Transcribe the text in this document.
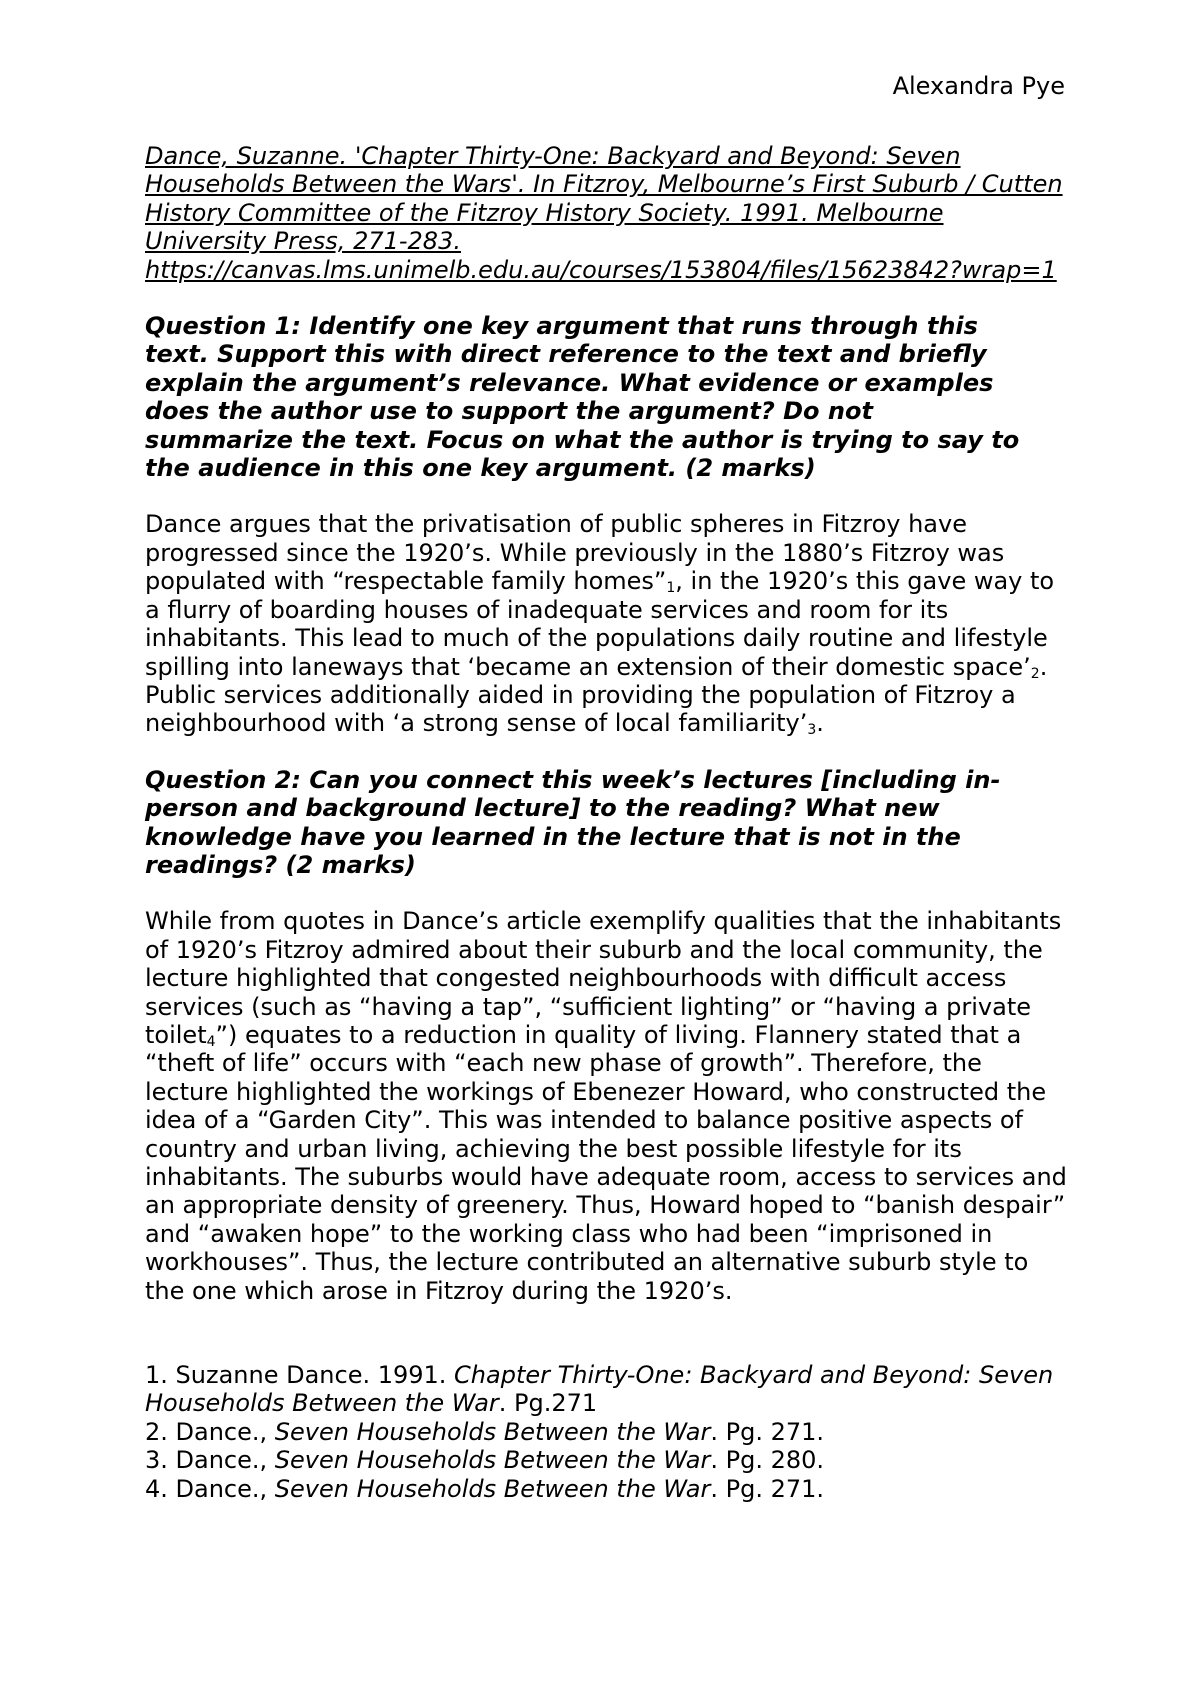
Alexandra Pye

Dance, Suzanne. 'Chapter Thirty-One: Backyard and Beyond: Seven Households Between the Wars'. In Fitzroy, Melbourne’s First Suburb / Cutten History Committee of the Fitzroy History Society. 1991. Melbourne University Press, 271-283.
https://canvas.lms.unimelb.edu.au/courses/153804/files/15623842?wrap=1

Question 1: Identify one key argument that runs through this text. Support this with direct reference to the text and briefly explain the argument’s relevance. What evidence or examples does the author use to support the argument? Do not summarize the text. Focus on what the author is trying to say to the audience in this one key argument. (2 marks)

Dance argues that the privatisation of public spheres in Fitzroy have progressed since the 1920’s. While previously in the 1880’s Fitzroy was populated with “respectable family $homes”_1$, in the 1920’s this gave way to a flurry of boarding houses of inadequate services and room for its inhabitants. This lead to much of the populations daily routine and lifestyle spilling into laneways that ‘became an extension of their domestic $space’_2$. Public services additionally aided in providing the population of Fitzroy a neighbourhood with ‘a strong sense of local $familiarity’_3$.

Question 2: Can you connect this week’s lectures [including in-person and background lecture] to the reading? What new knowledge have you learned in the lecture that is not in the readings? (2 marks)

While from quotes in Dance’s article exemplify qualities that the inhabitants of 1920’s Fitzroy admired about their suburb and the local community, the lecture highlighted that congested neighbourhoods with difficult access services (such as “having a tap”, “sufficient lighting” or “having a private toilet$_4$”) equates to a reduction in quality of living. Flannery stated that a “theft of life” occurs with “each new phase of growth”. Therefore, the lecture highlighted the workings of Ebenezer Howard, who constructed the idea of a “Garden City”. This was intended to balance positive aspects of country and urban living, achieving the best possible lifestyle for its inhabitants. The suburbs would have adequate room, access to services and an appropriate density of greenery. Thus, Howard hoped to “banish despair” and “awaken hope” to the working class who had been “imprisoned in workhouses”. Thus, the lecture contributed an alternative suburb style to the one which arose in Fitzroy during the 1920’s.

1. Suzanne Dance. 1991. Chapter Thirty-One: Backyard and Beyond: Seven Households Between the War. Pg.271
2. Dance., Seven Households Between the War. Pg. 271.
3. Dance., Seven Households Between the War. Pg. 280.
4. Dance., Seven Households Between the War. Pg. 271.
